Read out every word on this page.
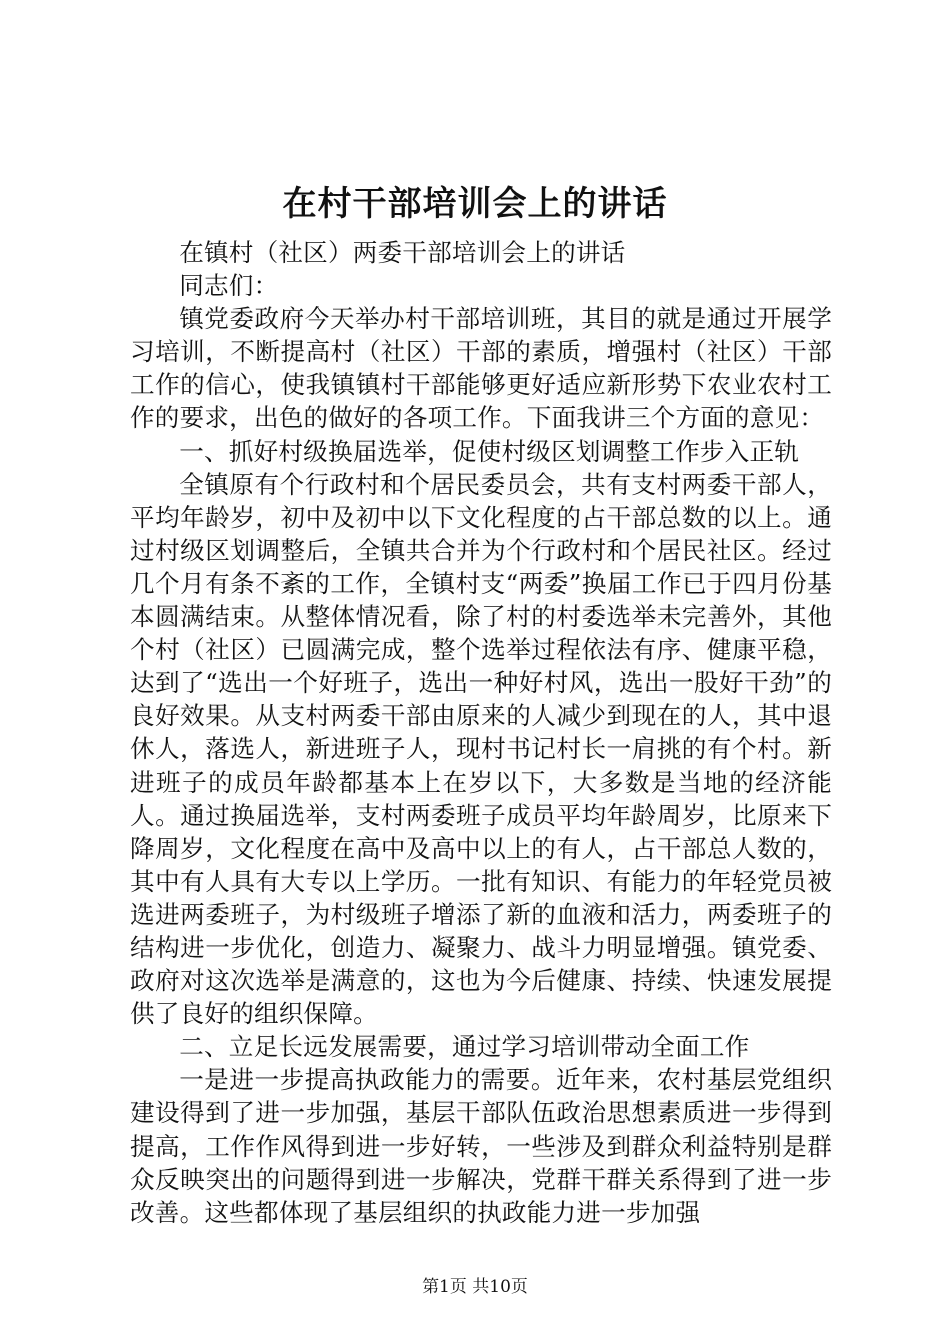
在村干部培训会上的讲话

在镇村（社区）两委干部培训会上的讲话

同志们：

镇党委政府今天举办村干部培训班，其目的就是通过开展学习培训，不断提高村（社区）干部的素质，增强村（社区）干部工作的信心，使我镇镇村干部能够更好适应新形势下农业农村工作的要求，出色的做好的各项工作。下面我讲三个方面的意见：

一、抓好村级换届选举，促使村级区划调整工作步入正轨

全镇原有个行政村和个居民委员会，共有支村两委干部人，平均年龄岁，初中及初中以下文化程度的占干部总数的以上。通过村级区划调整后，全镇共合并为个行政村和个居民社区。经过几个月有条不紊的工作，全镇村支“两委”换届工作已于四月份基本圆满结束。从整体情况看，除了村的村委选举未完善外，其他个村（社区）已圆满完成，整个选举过程依法有序、健康平稳，达到了“选出一个好班子，选出一种好村风，选出一股好干劲”的良好效果。从支村两委干部由原来的人减少到现在的人，其中退休人，落选人，新进班子人，现村书记村长一肩挑的有个村。新进班子的成员年龄都基本上在岁以下，大多数是当地的经济能人。通过换届选举，支村两委班子成员平均年龄周岁，比原来下降周岁，文化程度在高中及高中以上的有人，占干部总人数的，其中有人具有大专以上学历。一批有知识、有能力的年轻党员被选进两委班子，为村级班子增添了新的血液和活力，两委班子的结构进一步优化，创造力、凝聚力、战斗力明显增强。镇党委、政府对这次选举是满意的，这也为今后健康、持续、快速发展提供了良好的组织保障。

二、立足长远发展需要，通过学习培训带动全面工作

一是进一步提高执政能力的需要。近年来，农村基层党组织建设得到了进一步加强，基层干部队伍政治思想素质进一步得到提高，工作作风得到进一步好转，一些涉及到群众利益特别是群众反映突出的问题得到进一步解决，党群干群关系得到了进一步改善。这些都体现了基层组织的执政能力进一步加强

第1页 共10页
